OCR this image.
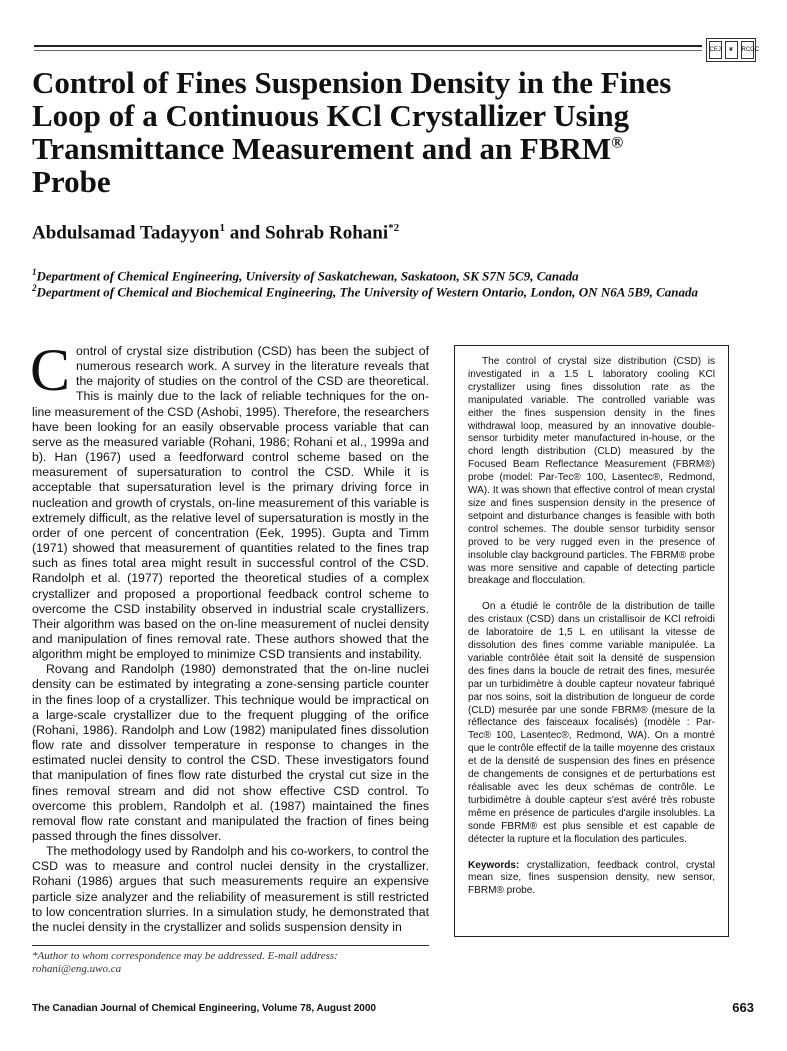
CEJ	❦	RCGC
Control of Fines Suspension Density in the Fines Loop of a Continuous KCl Crystallizer Using Transmittance Measurement and an FBRM® Probe

Abdulsamad Tadayyon$^1$ and Sohrab Rohani$^{*2}$

$^1$Department of Chemical Engineering, University of Saskatchewan, Saskatoon, SK S7N 5C9, Canada

$^2$Department of Chemical and Biochemical Engineering, The University of Western Ontario, London, ON N6A 5B9, Canada

Control of crystal size distribution (CSD) has been the subject of numerous research work. A survey in the literature reveals that the majority of studies on the control of the CSD are theoretical. This is mainly due to the lack of reliable techniques for the on-line measurement of the CSD (Ashobi, 1995). Therefore, the researchers have been looking for an easily observable process variable that can serve as the measured variable (Rohani, 1986; Rohani et al., 1999a and b). Han (1967) used a feedforward control scheme based on the measurement of supersaturation to control the CSD. While it is acceptable that supersaturation level is the primary driving force in nucleation and growth of crystals, on-line measurement of this variable is extremely difficult, as the relative level of supersaturation is mostly in the order of one percent of concentration (Eek, 1995). Gupta and Timm (1971) showed that measurement of quantities related to the fines trap such as fines total area might result in successful control of the CSD. Randolph et al. (1977) reported the theoretical studies of a complex crystallizer and proposed a proportional feedback control scheme to overcome the CSD instability observed in industrial scale crystallizers. Their algorithm was based on the on-line measurement of nuclei density and manipulation of fines removal rate. These authors showed that the algorithm might be employed to minimize CSD transients and instability.

Rovang and Randolph (1980) demonstrated that the on-line nuclei density can be estimated by integrating a zone-sensing particle counter in the fines loop of a crystallizer. This technique would be impractical on a large-scale crystallizer due to the frequent plugging of the orifice (Rohani, 1986). Randolph and Low (1982) manipulated fines dissolution flow rate and dissolver temperature in response to changes in the estimated nuclei density to control the CSD. These investigators found that manipulation of fines flow rate disturbed the crystal cut size in the fines removal stream and did not show effective CSD control. To overcome this problem, Randolph et al. (1987) maintained the fines removal flow rate constant and manipulated the fraction of fines being passed through the fines dissolver.

The methodology used by Randolph and his co-workers, to control the CSD was to measure and control nuclei density in the crystallizer. Rohani (1986) argues that such measurements require an expensive particle size analyzer and the reliability of measurement is still restricted to low concentration slurries. In a simulation study, he demonstrated that the nuclei density in the crystallizer and solids suspension density in

*Author to whom correspondence may be addressed. E-mail address: rohani@eng.uwo.ca

The control of crystal size distribution (CSD) is investigated in a 1.5 L laboratory cooling KCl crystallizer using fines dissolution rate as the manipulated variable. The controlled variable was either the fines suspension density in the fines withdrawal loop, measured by an innovative double-sensor turbidity meter manufactured in-house, or the chord length distribution (CLD) measured by the Focused Beam Reflectance Measurement (FBRM®) probe (model: Par-Tec® 100, Lasentec®, Redmond, WA). It was shown that effective control of mean crystal size and fines suspension density in the presence of setpoint and disturbance changes is feasible with both control schemes. The double sensor turbidity sensor proved to be very rugged even in the presence of insoluble clay background particles. The FBRM® probe was more sensitive and capable of detecting particle breakage and flocculation.

On a étudié le contrôle de la distribution de taille des cristaux (CSD) dans un cristallisoir de KCl refroidi de laboratoire de 1,5 L en utilisant la vitesse de dissolution des fines comme variable manipulée. La variable contrôlée était soit la densité de suspension des fines dans la boucle de retrait des fines, mesurée par un turbidimètre à double capteur novateur fabriqué par nos soins, soit la distribution de longueur de corde (CLD) mesurée par une sonde FBRM® (mesure de la réflectance des faisceaux focalisés) (modèle : Par-Tec® 100, Lasentec®, Redmond, WA). On a montré que le contrôle effectif de la taille moyenne des cristaux et de la densité de suspension des fines en présence de changements de consignes et de perturbations est réalisable avec les deux schémas de contrôle. Le turbidimètre à double capteur s'est avéré très robuste même en présence de particules d'argile insolubles. La sonde FBRM® est plus sensible et est capable de détecter la rupture et la floculation des particules.

Keywords: crystallization, feedback control, crystal mean size, fines suspension density, new sensor, FBRM® probe.

The Canadian Journal of Chemical Engineering, Volume 78, August 2000	663
